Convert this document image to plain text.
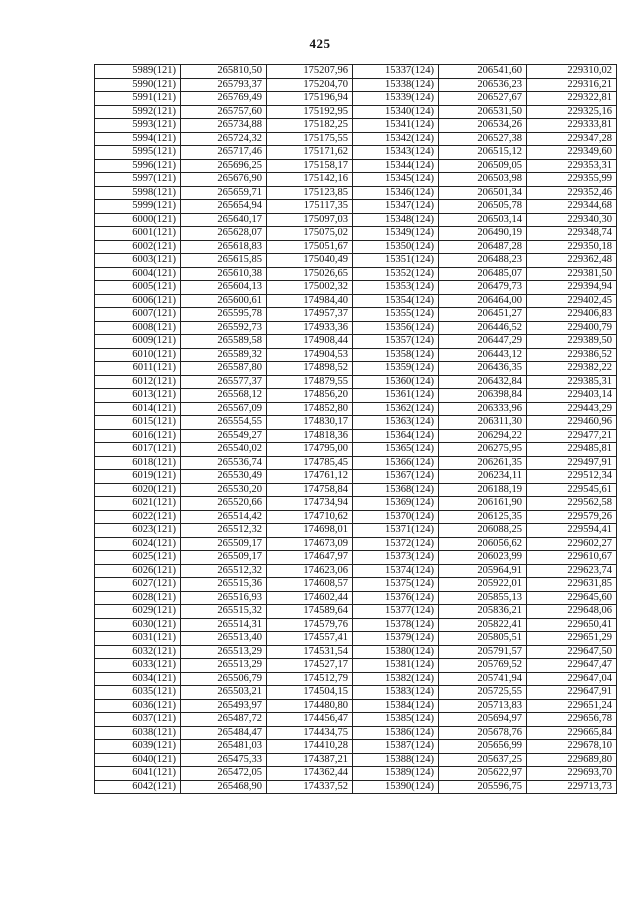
425
5989(121)	265810,50	175207,96	15337(124)	206541,60	229310,02
5990(121)	265793,37	175204,70	15338(124)	206536,23	229316,21
5991(121)	265769,49	175196,94	15339(124)	206527,67	229322,81
5992(121)	265757,60	175192,95	15340(124)	206531,50	229325,16
5993(121)	265734,88	175182,25	15341(124)	206534,26	229333,81
5994(121)	265724,32	175175,55	15342(124)	206527,38	229347,28
5995(121)	265717,46	175171,62	15343(124)	206515,12	229349,60
5996(121)	265696,25	175158,17	15344(124)	206509,05	229353,31
5997(121)	265676,90	175142,16	15345(124)	206503,98	229355,99
5998(121)	265659,71	175123,85	15346(124)	206501,34	229352,46
5999(121)	265654,94	175117,35	15347(124)	206505,78	229344,68
6000(121)	265640,17	175097,03	15348(124)	206503,14	229340,30
6001(121)	265628,07	175075,02	15349(124)	206490,19	229348,74
6002(121)	265618,83	175051,67	15350(124)	206487,28	229350,18
6003(121)	265615,85	175040,49	15351(124)	206488,23	229362,48
6004(121)	265610,38	175026,65	15352(124)	206485,07	229381,50
6005(121)	265604,13	175002,32	15353(124)	206479,73	229394,94
6006(121)	265600,61	174984,40	15354(124)	206464,00	229402,45
6007(121)	265595,78	174957,37	15355(124)	206451,27	229406,83
6008(121)	265592,73	174933,36	15356(124)	206446,52	229400,79
6009(121)	265589,58	174908,44	15357(124)	206447,29	229389,50
6010(121)	265589,32	174904,53	15358(124)	206443,12	229386,52
6011(121)	265587,80	174898,52	15359(124)	206436,35	229382,22
6012(121)	265577,37	174879,55	15360(124)	206432,84	229385,31
6013(121)	265568,12	174856,20	15361(124)	206398,84	229403,14
6014(121)	265567,09	174852,80	15362(124)	206333,96	229443,29
6015(121)	265554,55	174830,17	15363(124)	206311,30	229460,96
6016(121)	265549,27	174818,36	15364(124)	206294,22	229477,21
6017(121)	265540,02	174795,00	15365(124)	206275,95	229485,81
6018(121)	265536,74	174785,45	15366(124)	206261,35	229497,91
6019(121)	265530,49	174761,12	15367(124)	206234,11	229512,34
6020(121)	265530,20	174758,84	15368(124)	206188,19	229545,61
6021(121)	265520,66	174734,94	15369(124)	206161,90	229562,58
6022(121)	265514,42	174710,62	15370(124)	206125,35	229579,26
6023(121)	265512,32	174698,01	15371(124)	206088,25	229594,41
6024(121)	265509,17	174673,09	15372(124)	206056,62	229602,27
6025(121)	265509,17	174647,97	15373(124)	206023,99	229610,67
6026(121)	265512,32	174623,06	15374(124)	205964,91	229623,74
6027(121)	265515,36	174608,57	15375(124)	205922,01	229631,85
6028(121)	265516,93	174602,44	15376(124)	205855,13	229645,60
6029(121)	265515,32	174589,64	15377(124)	205836,21	229648,06
6030(121)	265514,31	174579,76	15378(124)	205822,41	229650,41
6031(121)	265513,40	174557,41	15379(124)	205805,51	229651,29
6032(121)	265513,29	174531,54	15380(124)	205791,57	229647,50
6033(121)	265513,29	174527,17	15381(124)	205769,52	229647,47
6034(121)	265506,79	174512,79	15382(124)	205741,94	229647,04
6035(121)	265503,21	174504,15	15383(124)	205725,55	229647,91
6036(121)	265493,97	174480,80	15384(124)	205713,83	229651,24
6037(121)	265487,72	174456,47	15385(124)	205694,97	229656,78
6038(121)	265484,47	174434,75	15386(124)	205678,76	229665,84
6039(121)	265481,03	174410,28	15387(124)	205656,99	229678,10
6040(121)	265475,33	174387,21	15388(124)	205637,25	229689,80
6041(121)	265472,05	174362,44	15389(124)	205622,97	229693,70
6042(121)	265468,90	174337,52	15390(124)	205596,75	229713,73
